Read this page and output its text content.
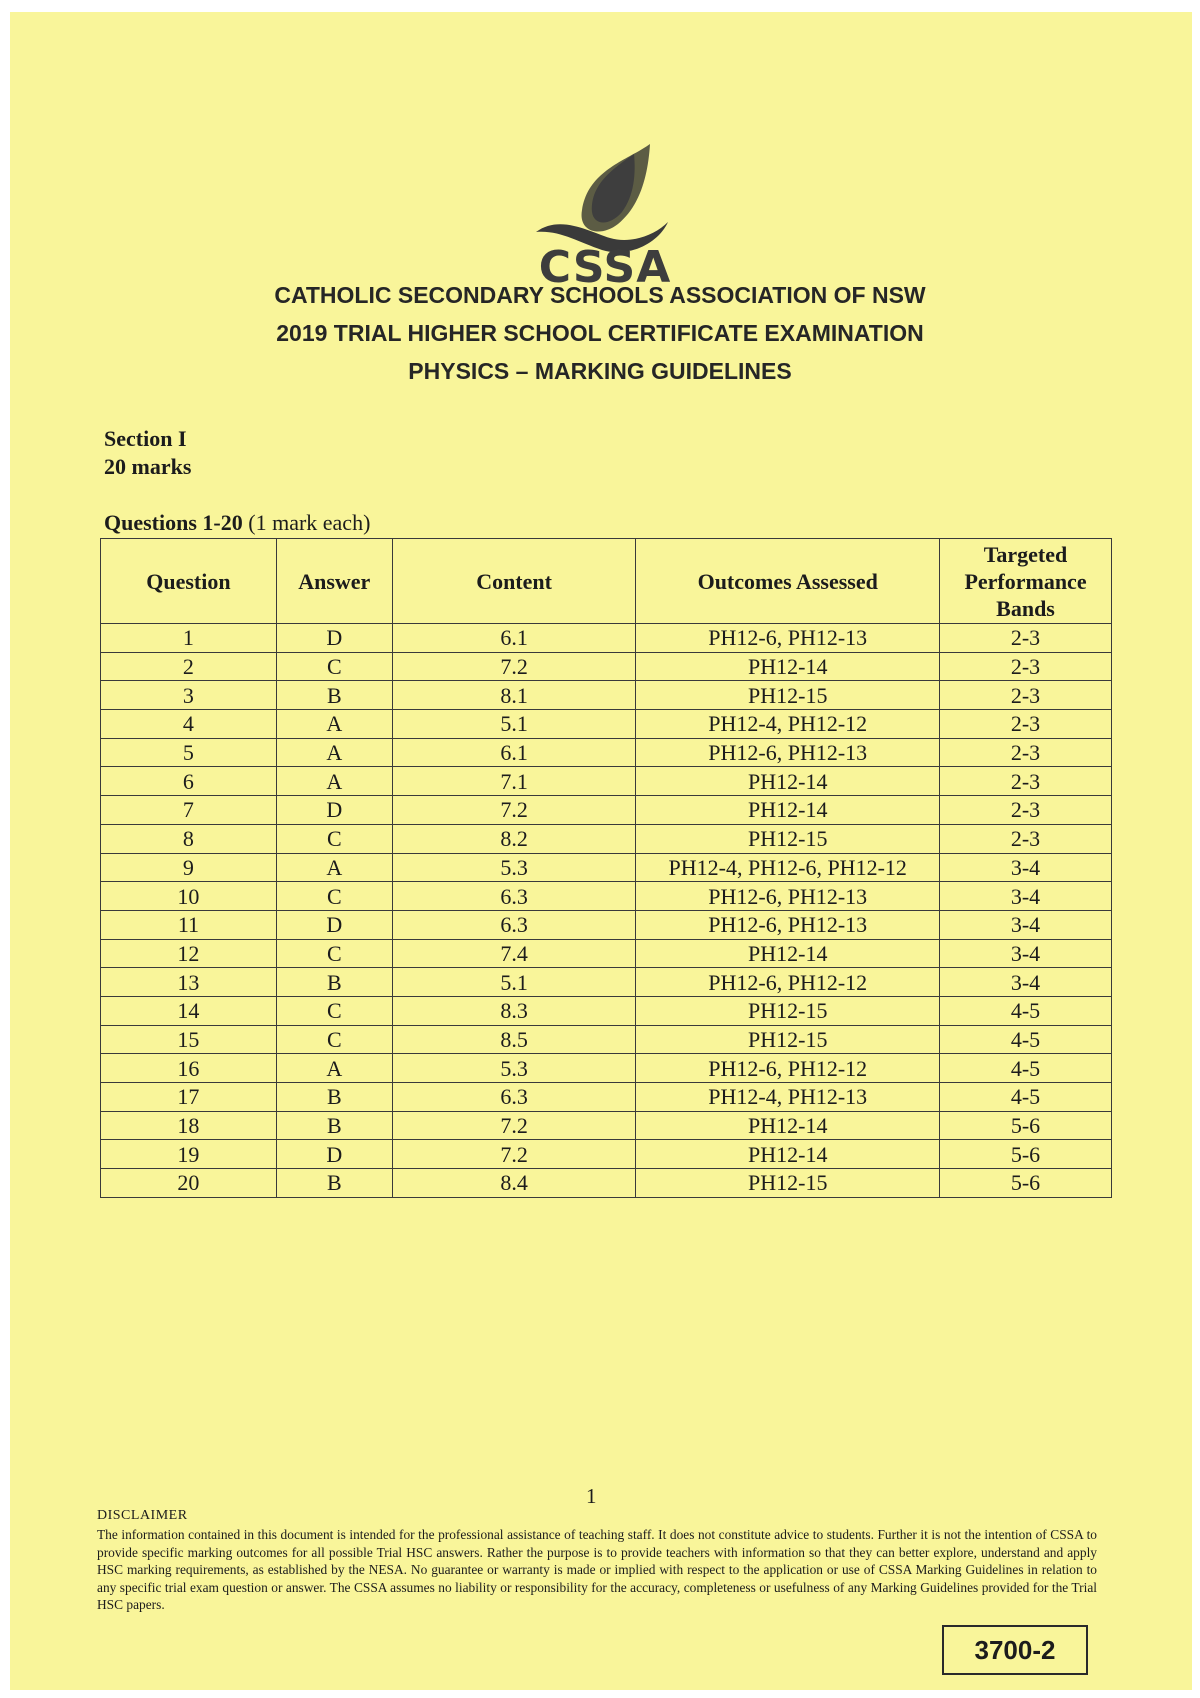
CSSA
CATHOLIC SECONDARY SCHOOLS ASSOCIATION OF NSW
2019 TRIAL HIGHER SCHOOL CERTIFICATE EXAMINATION
PHYSICS – MARKING GUIDELINES
Section I
20 marks
Questions 1-20 (1 mark each)
Question	Answer	Content	Outcomes Assessed	Targeted Performance Bands
1	D	6.1	PH12-6, PH12-13	2-3
2	C	7.2	PH12-14	2-3
3	B	8.1	PH12-15	2-3
4	A	5.1	PH12-4, PH12-12	2-3
5	A	6.1	PH12-6, PH12-13	2-3
6	A	7.1	PH12-14	2-3
7	D	7.2	PH12-14	2-3
8	C	8.2	PH12-15	2-3
9	A	5.3	PH12-4, PH12-6, PH12-12	3-4
10	C	6.3	PH12-6, PH12-13	3-4
11	D	6.3	PH12-6, PH12-13	3-4
12	C	7.4	PH12-14	3-4
13	B	5.1	PH12-6, PH12-12	3-4
14	C	8.3	PH12-15	4-5
15	C	8.5	PH12-15	4-5
16	A	5.3	PH12-6, PH12-12	4-5
17	B	6.3	PH12-4, PH12-13	4-5
18	B	7.2	PH12-14	5-6
19	D	7.2	PH12-14	5-6
20	B	8.4	PH12-15	5-6
1
DISCLAIMER
The information contained in this document is intended for the professional assistance of teaching staff. It does not constitute advice to students. Further it is not the intention of CSSA to provide specific marking outcomes for all possible Trial HSC answers. Rather the purpose is to provide teachers with information so that they can better explore, understand and apply HSC marking requirements, as established by the NESA. No guarantee or warranty is made or implied with respect to the application or use of CSSA Marking Guidelines in relation to any specific trial exam question or answer. The CSSA assumes no liability or responsibility for the accuracy, completeness or usefulness of any Marking Guidelines provided for the Trial HSC papers.
3700-2
